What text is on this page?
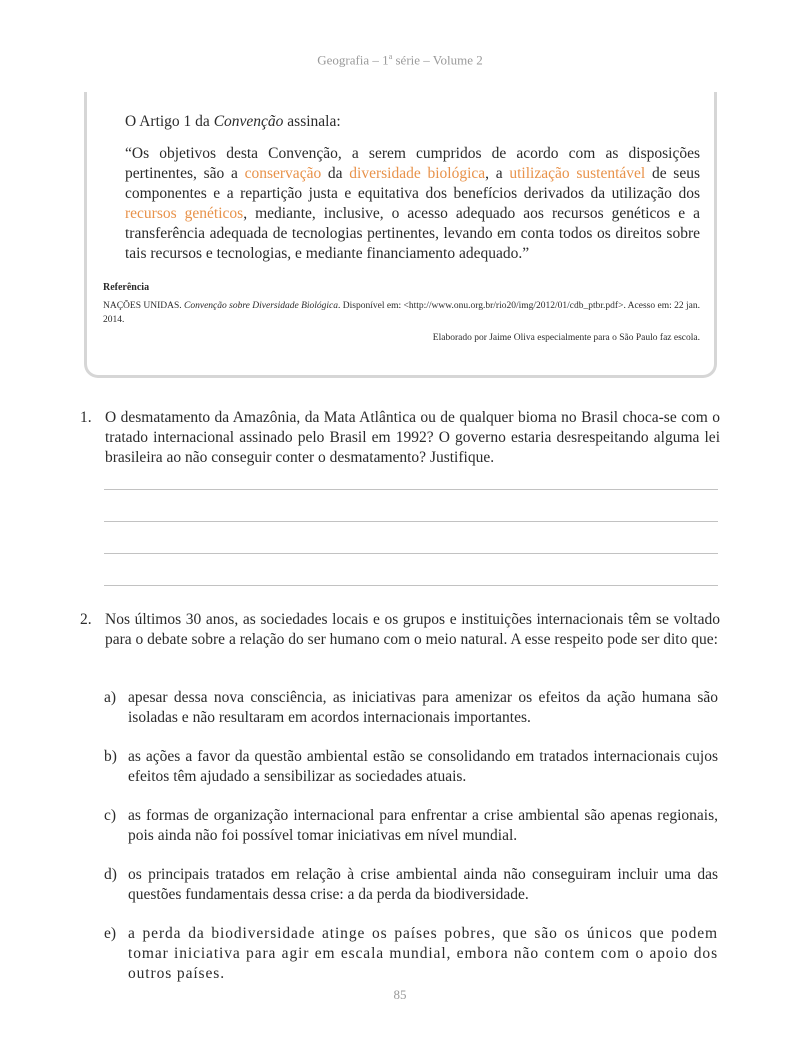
Geografia – 1$^a$ série – Volume 2

O Artigo 1 da Convenção assinala:

“Os objetivos desta Convenção, a serem cumpridos de acordo com as disposições pertinentes, são a conservação da diversidade biológica, a utilização sustentável de seus componentes e a repartição justa e equitativa dos benefícios derivados da utilização dos recursos genéticos, mediante, inclusive, o acesso adequado aos recursos genéticos e a transferência adequada de tecnologias pertinentes, levando em conta todos os direitos sobre tais recursos e tecnologias, e mediante financiamento adequado.”

Referência
NAÇÕES UNIDAS. Convenção sobre Diversidade Biológica. Disponível em: <http://www.onu.org.br/rio20/img/2012/01/cdb_ptbr.pdf>. Acesso em: 22 jan. 2014.
Elaborado por Jaime Oliva especialmente para o São Paulo faz escola.
1. O desmatamento da Amazônia, da Mata Atlântica ou de qualquer bioma no Brasil choca-se com o tratado internacional assinado pelo Brasil em 1992? O governo estaria desrespeitando alguma lei brasileira ao não conseguir conter o desmatamento? Justifique.
2. Nos últimos 30 anos, as sociedades locais e os grupos e instituições internacionais têm se voltado para o debate sobre a relação do ser humano com o meio natural. A esse respeito pode ser dito que:
a) apesar dessa nova consciência, as iniciativas para amenizar os efeitos da ação humana são isoladas e não resultaram em acordos internacionais importantes.
b) as ações a favor da questão ambiental estão se consolidando em tratados internacionais cujos efeitos têm ajudado a sensibilizar as sociedades atuais.
c) as formas de organização internacional para enfrentar a crise ambiental são apenas regionais, pois ainda não foi possível tomar iniciativas em nível mundial.
d) os principais tratados em relação à crise ambiental ainda não conseguiram incluir uma das questões fundamentais dessa crise: a da perda da biodiversidade.
e) a perda da biodiversidade atinge os países pobres, que são os únicos que podem tomar iniciativa para agir em escala mundial, embora não contem com o apoio dos outros países.
85
